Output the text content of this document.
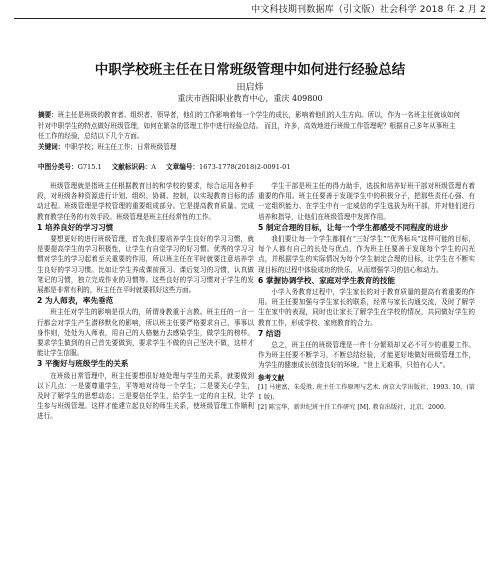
中文科技期刊数据库（引文版）社会科学 2018 年 2 月 2
中职学校班主任在日常班级管理中如何进行经验总结
田启炜
重庆市酉阳职业教育中心，重庆 409800
摘要：班主任是班级的教育者、组织者、领导者，他们的工作影响着每一个学生的成长，影响着他们的人生方向。所以，作为一名班主任就该如何针对中职学生的特点做好班级管理，如何在繁杂的管理工作中进行经验总结。 而且，许多，高效地进行班级工作管理呢？根据自己多年从事班主任工作的经验，总结以下几个方面。
关键词：中职学校；班主任工作；日常班级管理
中图分类号：G715.1 文献标识码：A 文章编号：1673-1778(2018)2-0091-01

班级管理就是指班主任根据教育目的和学校的要求，综合运用各种手段，对班级各种资源进行计划、组织、协调、控制，以实现教育目标的活动过程。班级管理是学校管理的重要组成部分。它是提高教育质量、完成教育教学任务的有效手段。班级管理是班主任经常性的工作。

1 培养良好的学习习惯

要想更好的进行班级管理，首先我们要培养学生良好的学习习惯，就是要提高学生的学习积极性，让学生有自觉学习的好习惯。优秀的学习习惯对学生的学习起着至关重要的作用，所以班主任在平时就要注意培养学生良好的学习习惯。比如让学生养成课前预习、课后复习的习惯，认真做笔记的习惯，独立完成作业的习惯等。这些良好的学习习惯对于学生的发展都是非常有利的，班主任在平时就要抓好这些方面。

2 为人师表，率先垂范

班主任对学生的影响是很大的，所谓身教重于言教。班主任的一言一行都会对学生产生潜移默化的影响，所以班主任要严格要求自己，事事以身作则，处处为人师表，用自己的人格魅力去感染学生，做学生的榜样。要求学生做到的自己首先要做到，要求学生不做的自己坚决不做，这样才能让学生信服。

3 平衡好与班级学生的关系

在班级日常管理中，班主任要想很好地处理与学生的关系，就要做到以下几点：一是要尊重学生，平等地对待每一个学生；二是要关心学生，及时了解学生的思想动态；三是要信任学生，给学生一定的自主权，让学生参与班级管理。这样才能建立起良好的师生关系，使班级管理工作顺利进行。

学生干部是班主任的得力助手，选拔和培养好班干部对班级管理有着重要的作用。班主任要善于发现学生中的积极分子，把那些责任心强、有一定组织能力、在学生中有一定威信的学生选拔为班干部，并对他们进行培养和指导，让他们在班级管理中发挥作用。

5 制定合理的目标，让每一个学生都感受不同程度的进步

我们要让每一个学生都拥有“三好学生”“优秀标兵”这样可能的目标，每个人都有自己的长处与优点，作为班主任要善于发现每个学生的闪光点，并根据学生的实际情况为每个学生制定合理的目标，让学生在不断实现目标的过程中体验成功的快乐，从而增强学习的信心和动力。

6 掌握协调学校、家庭对学生教育的技能

小学入务教育过程中，学生家长的对于教育质量的提高有着重要的作用。班主任要加强与学生家长的联系，经常与家长沟通交流，及时了解学生在家中的表现，同时也让家长了解学生在学校的情况，共同做好学生的教育工作，形成学校、家庭教育的合力。

7 结语

总之，班主任的班级管理是一件十分繁琐却又必不可少的重要工作。作为班主任要不断学习，不断总结经验，才能更好地做好班级管理工作，为学生的健康成长创造良好的环境。“世上无难事，只怕有心人”。

参考文献

[1] 马建富，朱爱胜. 班主任工作原理与艺术. 南京大学出版社，1993. 10，(第 1 版).

[2] 陈宝华，新世纪班主任工作研究 [M]. 教育出版社，北京，2000.
